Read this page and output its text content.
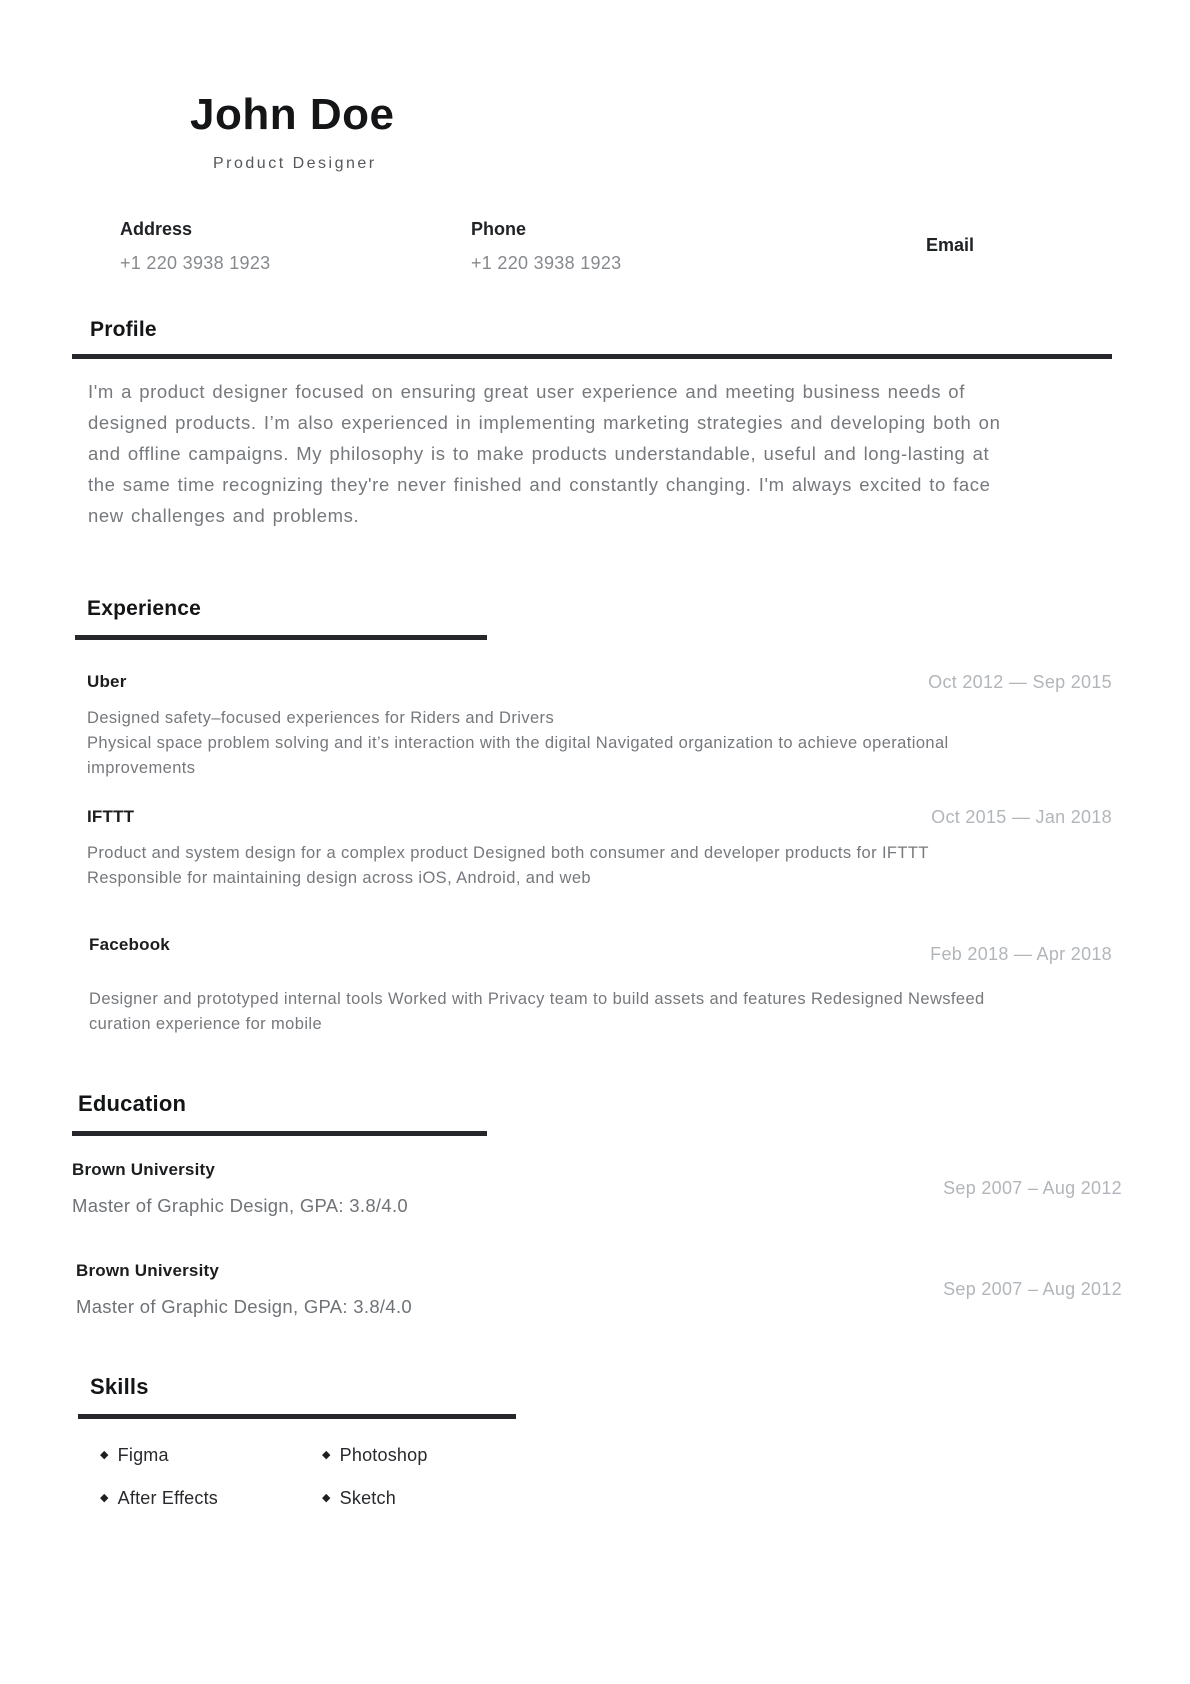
John Doe
Product Designer
Address
+1 220 3938 1923
Phone
+1 220 3938 1923
Email
Profile

I'm a product designer focused on ensuring great user experience and meeting business needs of designed products. I’m also experienced in implementing marketing strategies and developing both on and offline campaigns. My philosophy is to make products understandable, useful and long-lasting at the same time recognizing they're never finished and constantly changing. I'm always excited to face new challenges and problems.

Experience
Uber	Oct 2012 — Sep 2015
Designed safety–focused experiences for Riders and Drivers
Physical space problem solving and it’s interaction with the digital Navigated organization to achieve operational improvements
IFTTT	Oct 2015 — Jan 2018
Product and system design for a complex product Designed both consumer and developer products for IFTTT
Responsible for maintaining design across iOS, Android, and web
Facebook	Feb 2018 — Apr 2018
Designer and prototyped internal tools Worked with Privacy team to build assets and features Redesigned Newsfeed curation experience for mobile
Education
Brown University
Master of Graphic Design, GPA: 3.8/4.0
Sep 2007 – Aug 2012
Brown University
Master of Graphic Design, GPA: 3.8/4.0
Sep 2007 – Aug 2012
Skills
◆ Figma	◆ Photoshop
◆ After Effects	◆ Sketch
